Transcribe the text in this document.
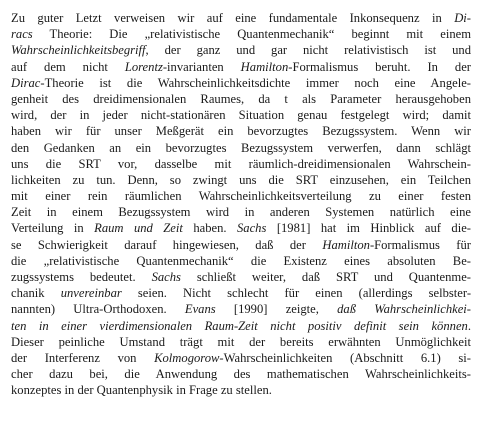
Zu guter Letzt verweisen wir auf eine fundamentale Inkonsequenz in Di-
racs Theorie: Die „relativistische Quantenmechanik“ beginnt mit einem
Wahrscheinlichkeitsbegriff, der ganz und gar nicht relativistisch ist und
auf dem nicht Lorentz-invarianten Hamilton-Formalismus beruht. In der
Dirac-Theorie ist die Wahrscheinlichkeitsdichte immer noch eine Angele-
genheit des dreidimensionalen Raumes, da t als Parameter herausgehoben
wird, der in jeder nicht-stationären Situation genau festgelegt wird; damit
haben wir für unser Meßgerät ein bevorzugtes Bezugssystem. Wenn wir
den Gedanken an ein bevorzugtes Bezugssystem verwerfen, dann schlägt
uns die SRT vor, dasselbe mit räumlich-dreidimensionalen Wahrschein-
lichkeiten zu tun. Denn, so zwingt uns die SRT einzusehen, ein Teilchen
mit einer rein räumlichen Wahrscheinlichkeitsverteilung zu einer festen
Zeit in einem Bezugssystem wird in anderen Systemen natürlich eine
Verteilung in Raum und Zeit haben. Sachs [1981] hat im Hinblick auf die-
se Schwierigkeit darauf hingewiesen, daß der Hamilton-Formalismus für
die „relativistische Quantenmechanik“ die Existenz eines absoluten Be-
zugssystems bedeutet. Sachs schließt weiter, daß SRT und Quantenme-
chanik unvereinbar seien. Nicht schlecht für einen (allerdings selbster-
nannten) Ultra-Orthodoxen. Evans [1990] zeigte, daß Wahrscheinlichkei-
ten in einer vierdimensionalen Raum-Zeit nicht positiv definit sein können.
Dieser peinliche Umstand trägt mit der bereits erwähnten Unmöglichkeit
der Interferenz von Kolmogorow-Wahrscheinlichkeiten (Abschnitt 6.1) si-
cher dazu bei, die Anwendung des mathematischen Wahrscheinlichkeits-
konzeptes in der Quantenphysik in Frage zu stellen.
